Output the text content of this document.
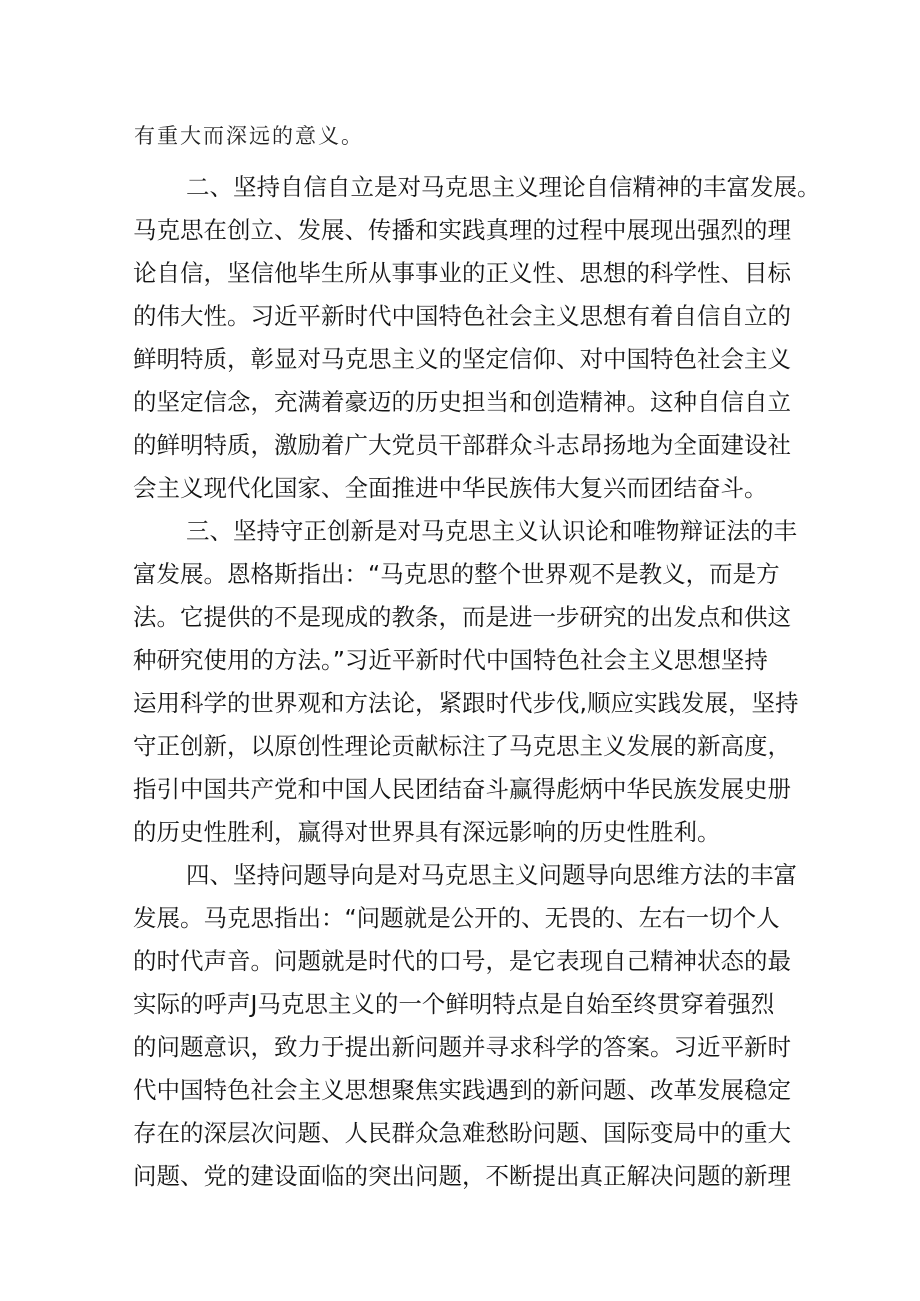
有重大而深远的意义。
二、坚持自信自立是对马克思主义理论自信精神的丰富发展。
马克思在创立、发展、传播和实践真理的过程中展现出强烈的理
论自信，坚信他毕生所从事事业的正义性、思想的科学性、目标
的伟大性。习近平新时代中国特色社会主义思想有着自信自立的
鲜明特质，彰显对马克思主义的坚定信仰、对中国特色社会主义
的坚定信念，充满着豪迈的历史担当和创造精神。这种自信自立
的鲜明特质，激励着广大党员干部群众斗志昂扬地为全面建设社
会主义现代化国家、全面推进中华民族伟大复兴而团结奋斗。
三、坚持守正创新是对马克思主义认识论和唯物辩证法的丰
富发展。恩格斯指出：“马克思的整个世界观不是教义，而是方
法。它提供的不是现成的教条，而是进一步研究的出发点和供这
种研究使用的方法。”习近平新时代中国特色社会主义思想坚持
运用科学的世界观和方法论，紧跟时代步伐,顺应实践发展，坚持
守正创新，以原创性理论贡献标注了马克思主义发展的新高度，
指引中国共产党和中国人民团结奋斗赢得彪炳中华民族发展史册
的历史性胜利，赢得对世界具有深远影响的历史性胜利。
四、坚持问题导向是对马克思主义问题导向思维方法的丰富
发展。马克思指出：“问题就是公开的、无畏的、左右一切个人
的时代声音。问题就是时代的口号，是它表现自己精神状态的最
实际的呼声J马克思主义的一个鲜明特点是自始至终贯穿着强烈
的问题意识，致力于提出新问题并寻求科学的答案。习近平新时
代中国特色社会主义思想聚焦实践遇到的新问题、改革发展稳定
存在的深层次问题、人民群众急难愁盼问题、国际变局中的重大
问题、党的建设面临的突出问题，不断提出真正解决问题的新理
